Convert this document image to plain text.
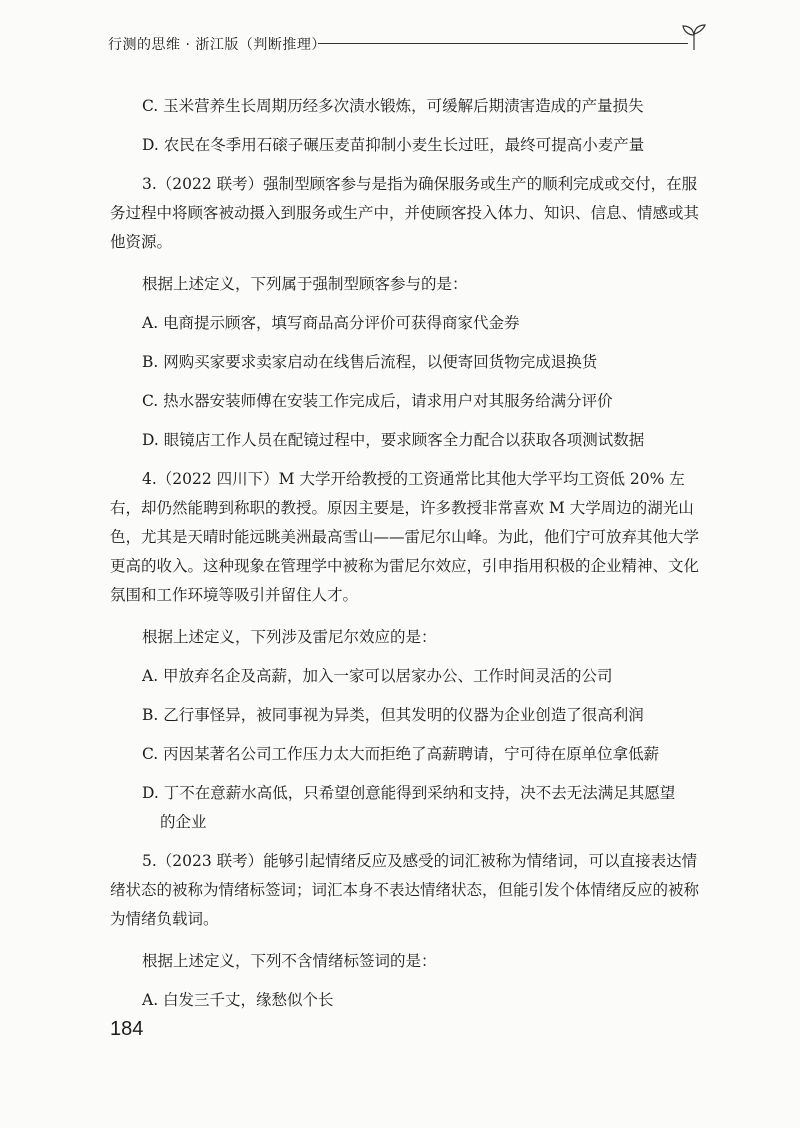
行测的思维 · 浙江版（判断推理）

C. 玉米营养生长周期历经多次渍水锻炼，可缓解后期渍害造成的产量损失

D. 农民在冬季用石磙子碾压麦苗抑制小麦生长过旺，最终可提高小麦产量

3.（2022 联考）强制型顾客参与是指为确保服务或生产的顺利完成或交付，在服务过程中将顾客被动摄入到服务或生产中，并使顾客投入体力、知识、信息、情感或其他资源。

根据上述定义，下列属于强制型顾客参与的是：

A. 电商提示顾客，填写商品高分评价可获得商家代金券

B. 网购买家要求卖家启动在线售后流程，以便寄回货物完成退换货

C. 热水器安装师傅在安装工作完成后，请求用户对其服务给满分评价

D. 眼镜店工作人员在配镜过程中，要求顾客全力配合以获取各项测试数据

4.（2022 四川下）M 大学开给教授的工资通常比其他大学平均工资低 20% 左右，却仍然能聘到称职的教授。原因主要是，许多教授非常喜欢 M 大学周边的湖光山色，尤其是天晴时能远眺美洲最高雪山——雷尼尔山峰。为此，他们宁可放弃其他大学更高的收入。这种现象在管理学中被称为雷尼尔效应，引申指用积极的企业精神、文化氛围和工作环境等吸引并留住人才。

根据上述定义，下列涉及雷尼尔效应的是：

A. 甲放弃名企及高薪，加入一家可以居家办公、工作时间灵活的公司

B. 乙行事怪异，被同事视为异类，但其发明的仪器为企业创造了很高利润

C. 丙因某著名公司工作压力太大而拒绝了高薪聘请，宁可待在原单位拿低薪

D. 丁不在意薪水高低，只希望创意能得到采纳和支持，决不去无法满足其愿望
的企业

5.（2023 联考）能够引起情绪反应及感受的词汇被称为情绪词，可以直接表达情绪状态的被称为情绪标签词；词汇本身不表达情绪状态，但能引发个体情绪反应的被称为情绪负载词。

根据上述定义，下列不含情绪标签词的是：

A. 白发三千丈，缘愁似个长

184
